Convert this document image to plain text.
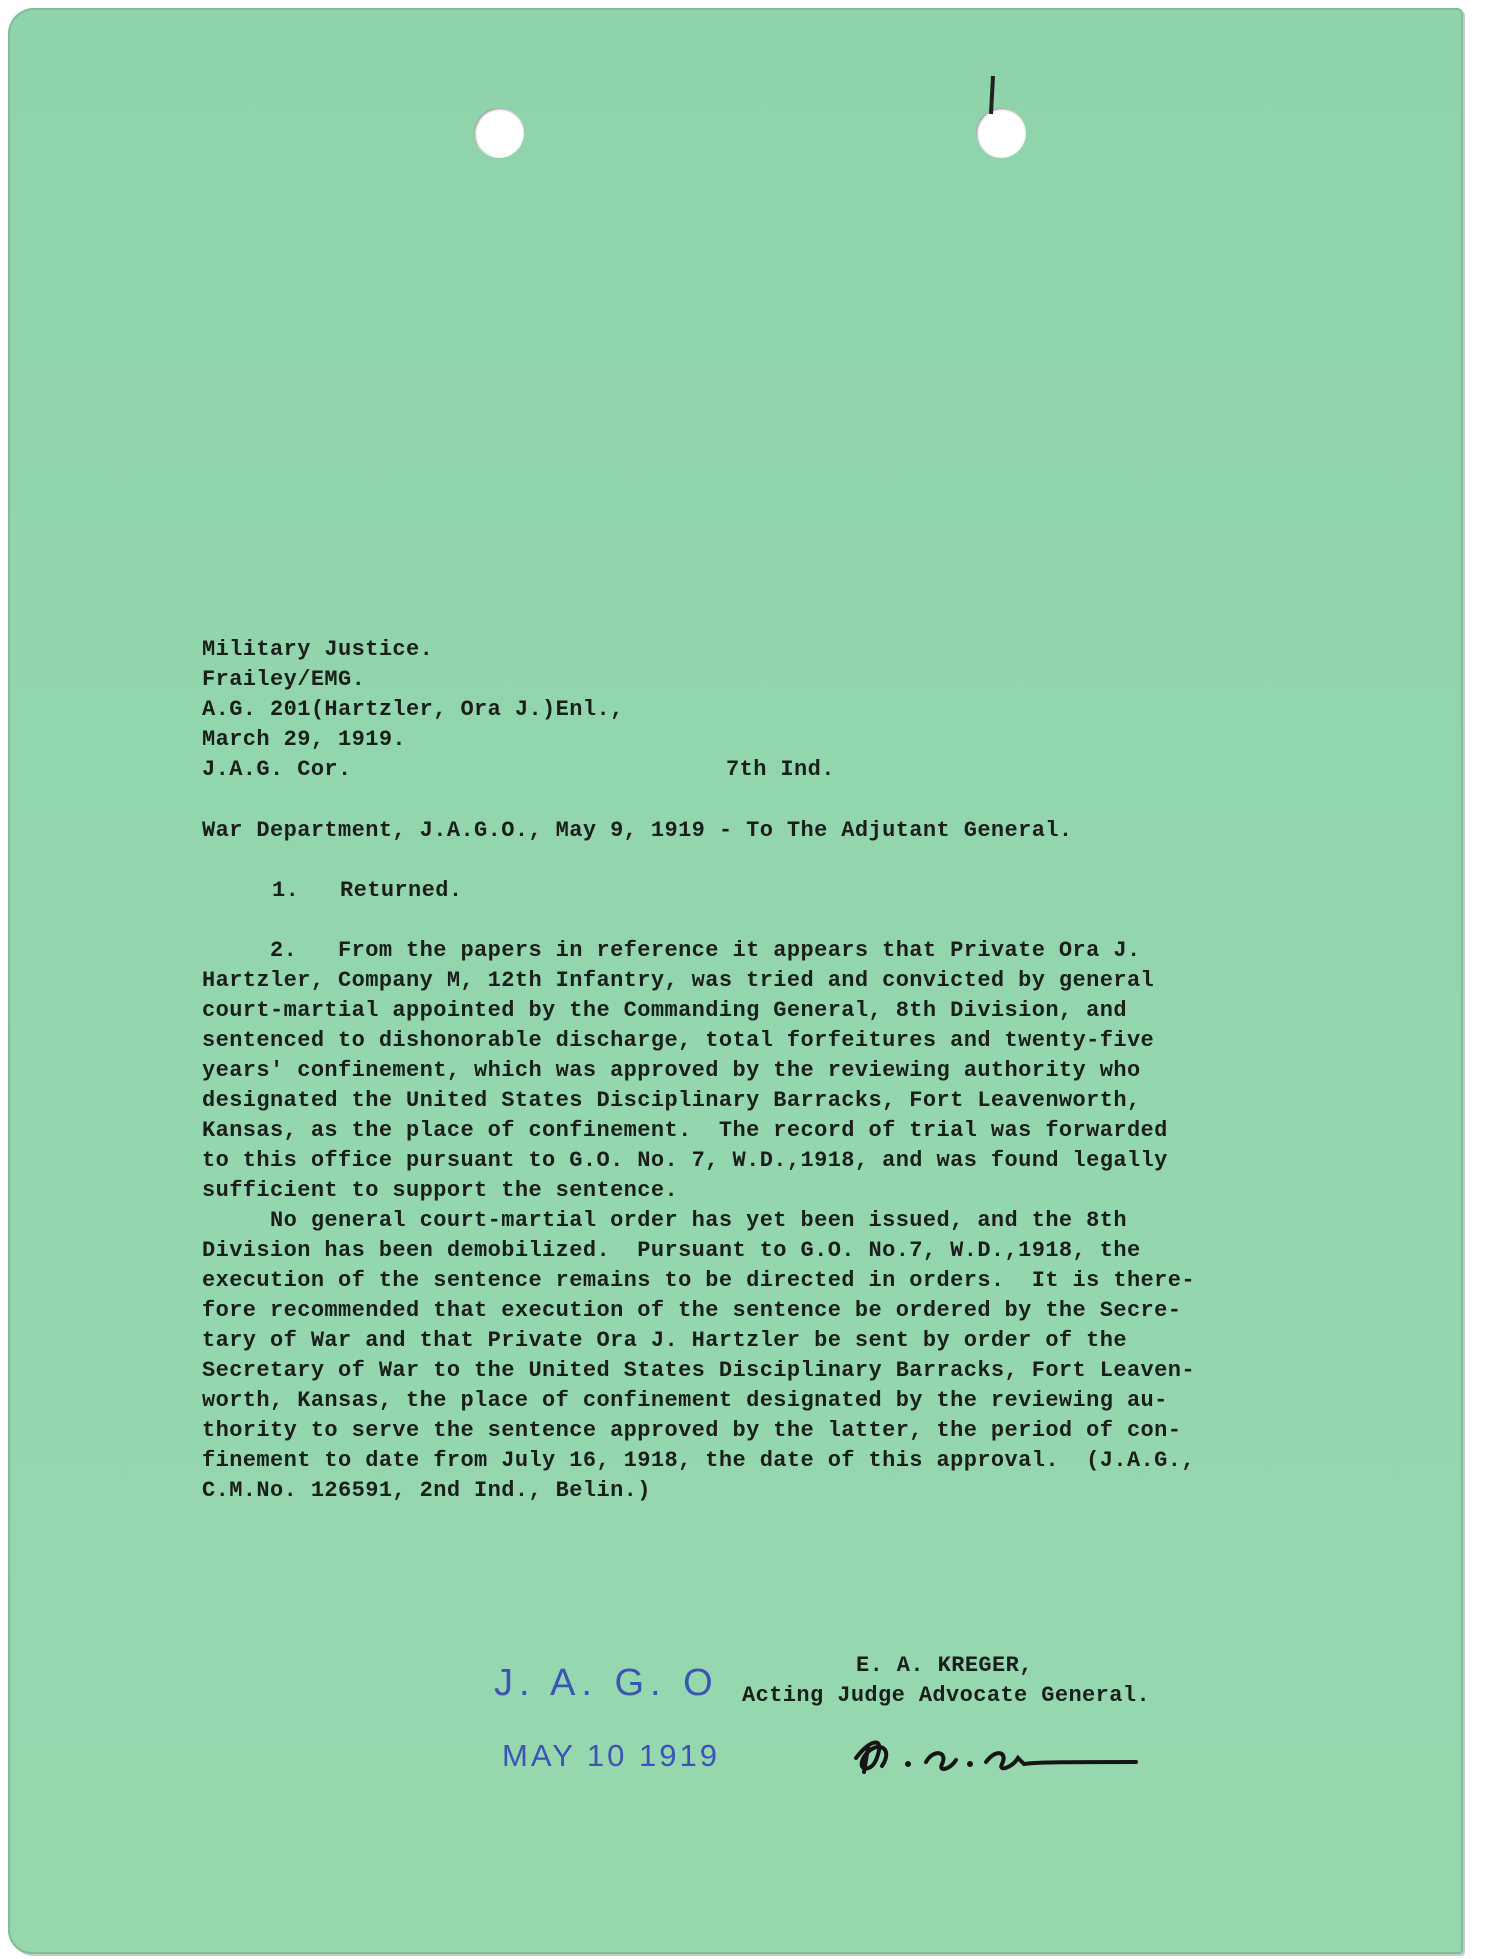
Military Justice.
Frailey/EMG.
A.G. 201(Hartzler, Ora J.)Enl.,
March 29, 1919.
J.A.G. Cor.	7th Ind.
War Department, J.A.G.O., May 9, 1919 - To The Adjutant General.
1.   Returned.
2.   From the papers in reference it appears that Private Ora J.
Hartzler, Company M, 12th Infantry, was tried and convicted by general
court-martial appointed by the Commanding General, 8th Division, and
sentenced to dishonorable discharge, total forfeitures and twenty-five
years' confinement, which was approved by the reviewing authority who
designated the United States Disciplinary Barracks, Fort Leavenworth,
Kansas, as the place of confinement.  The record of trial was forwarded
to this office pursuant to G.O. No. 7, W.D.,1918, and was found legally
sufficient to support the sentence.
No general court-martial order has yet been issued, and the 8th
Division has been demobilized.  Pursuant to G.O. No.7, W.D.,1918, the
execution of the sentence remains to be directed in orders.  It is there-
fore recommended that execution of the sentence be ordered by the Secre-
tary of War and that Private Ora J. Hartzler be sent by order of the
Secretary of War to the United States Disciplinary Barracks, Fort Leaven-
worth, Kansas, the place of confinement designated by the reviewing au-
thority to serve the sentence approved by the latter, the period of con-
finement to date from July 16, 1918, the date of this approval.  (J.A.G.,
C.M.No. 126591, 2nd Ind., Belin.)
J. A. G. O
MAY 10 1919
E. A. KREGER,
Acting Judge Advocate General.
